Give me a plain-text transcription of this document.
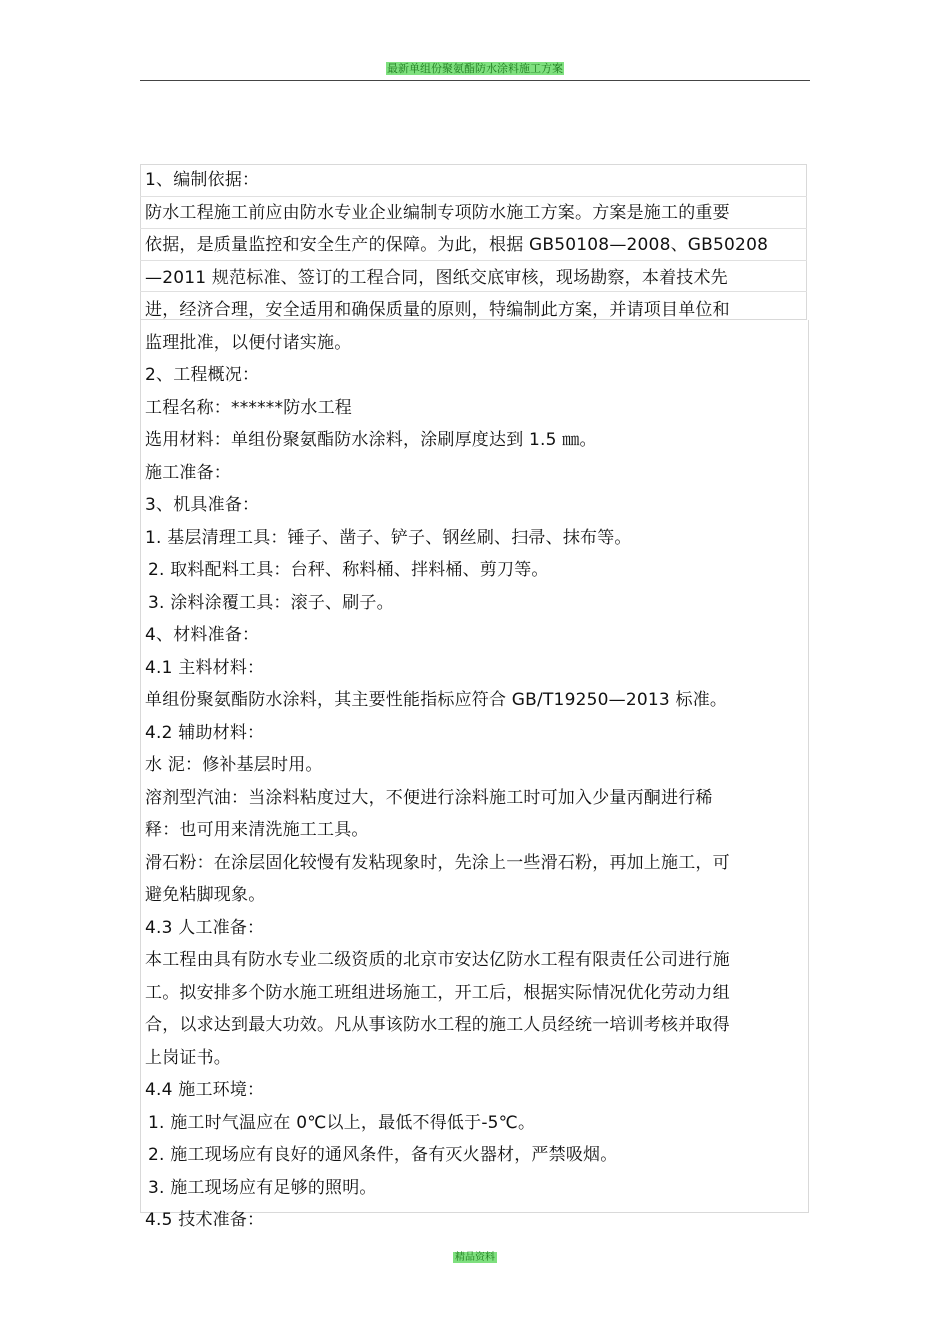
最新单组份聚氨酯防水涂料施工方案

1、编制依据：

防水工程施工前应由防水专业企业编制专项防水施工方案。方案是施工的重要

依据，是质量监控和安全生产的保障。为此，根据 GB50108—2008、GB50208

—2011 规范标准、签订的工程合同，图纸交底审核，现场勘察，本着技术先

进，经济合理，安全适用和确保质量的原则，特编制此方案，并请项目单位和

监理批准，以便付诸实施。

2、工程概况：

工程名称：******防水工程

选用材料：单组份聚氨酯防水涂料，涂刷厚度达到 1.5 ㎜。

施工准备：

3、机具准备：

1. 基层清理工具：锤子、凿子、铲子、钢丝刷、扫帚、抹布等。

2. 取料配料工具：台秤、称料桶、拌料桶、剪刀等。

3. 涂料涂覆工具：滚子、刷子。

4、材料准备：

4.1 主料材料：

单组份聚氨酯防水涂料，其主要性能指标应符合 GB/T19250—2013 标准。

4.2 辅助材料：

水 泥：修补基层时用。

溶剂型汽油：当涂料粘度过大，不便进行涂料施工时可加入少量丙酮进行稀

释：也可用来清洗施工工具。

滑石粉：在涂层固化较慢有发粘现象时，先涂上一些滑石粉，再加上施工，可

避免粘脚现象。

4.3 人工准备：

本工程由具有防水专业二级资质的北京市安达亿防水工程有限责任公司进行施

工。拟安排多个防水施工班组进场施工，开工后，根据实际情况优化劳动力组

合，以求达到最大功效。凡从事该防水工程的施工人员经统一培训考核并取得

上岗证书。

4.4 施工环境：

1. 施工时气温应在 0℃以上，最低不得低于-5℃。

2. 施工现场应有良好的通风条件，备有灭火器材，严禁吸烟。

3. 施工现场应有足够的照明。

4.5 技术准备：

精品资料
